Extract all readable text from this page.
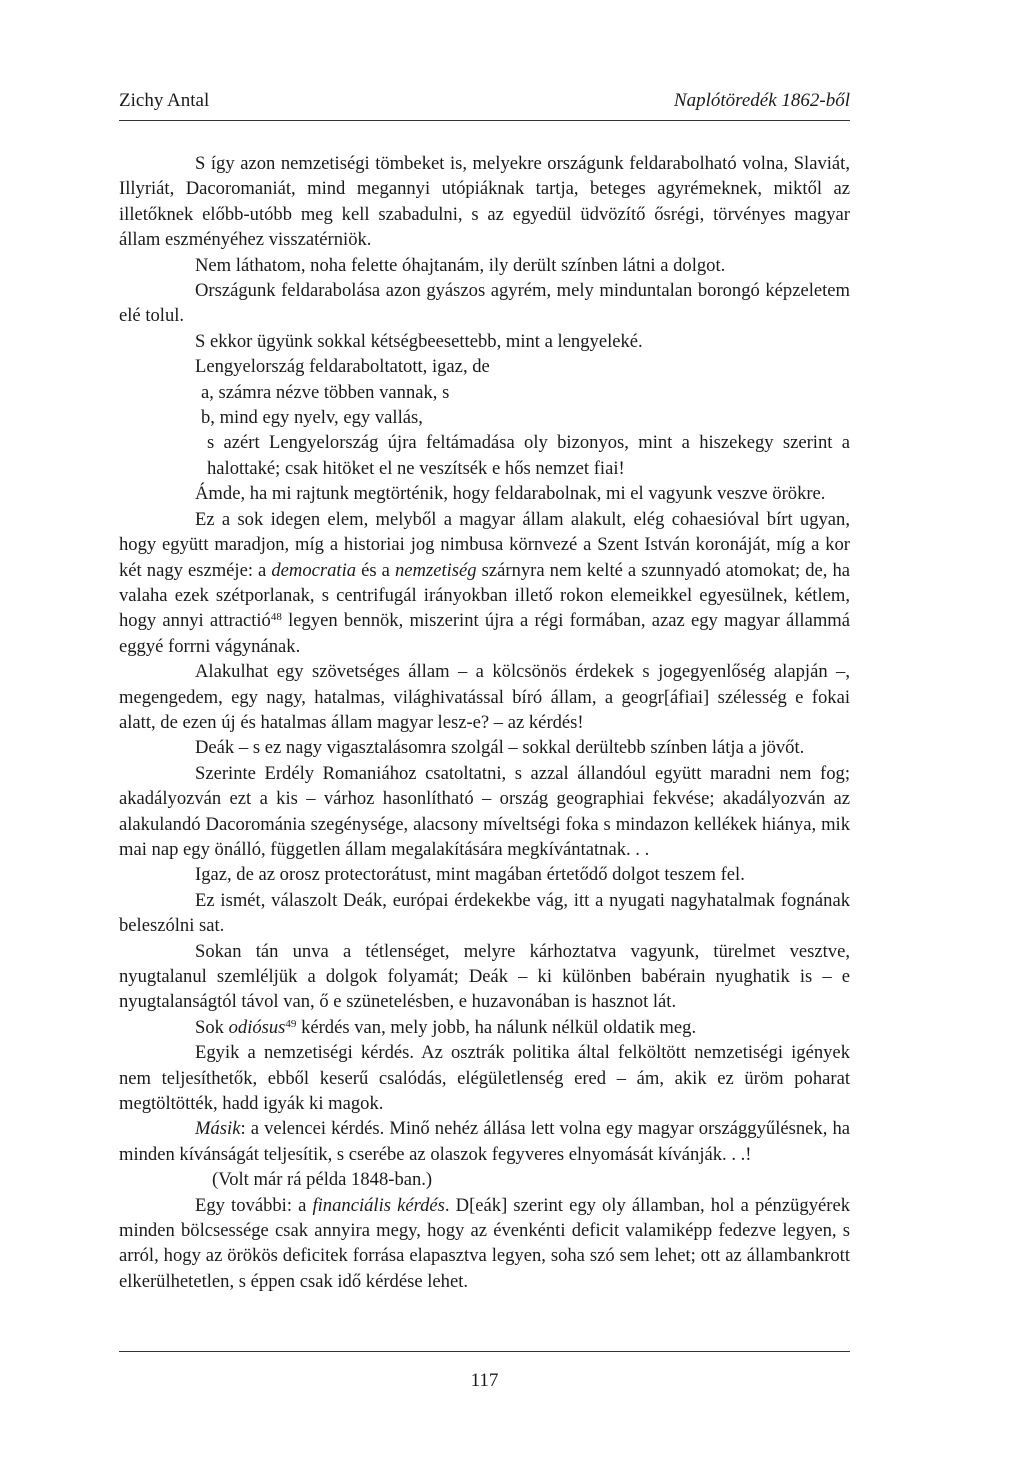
Zichy Antal	Naplótöredék 1862-ből

S így azon nemzetiségi tömbeket is, melyekre országunk feldarabolható volna, Slaviát, Illyriát, Dacoromaniát, mind megannyi utópiáknak tartja, beteges agyrémeknek, miktől az illetőknek előbb-utóbb meg kell szabadulni, s az egyedül üdvözítő ősrégi, törvényes magyar állam eszményéhez visszatérniök.

Nem láthatom, noha felette óhajtanám, ily derült színben látni a dolgot.

Országunk feldarabolása azon gyászos agyrém, mely minduntalan borongó képzeletem elé tolul.

S ekkor ügyünk sokkal kétségbeesettebb, mint a lengyeleké.

Lengyelország feldaraboltatott, igaz, de

a, számra nézve többen vannak, s

b, mind egy nyelv, egy vallás,

s azért Lengyelország újra feltámadása oly bizonyos, mint a hiszekegy szerint a halottaké; csak hitöket el ne veszítsék e hős nemzet fiai!

Ámde, ha mi rajtunk megtörténik, hogy feldarabolnak, mi el vagyunk veszve örökre.

Ez a sok idegen elem, melyből a magyar állam alakult, elég cohaesióval bírt ugyan, hogy együtt maradjon, míg a historiai jog nimbusa körnvezé a Szent István koronáját, míg a kor két nagy eszméje: a democratia és a nemzetiség szárnyra nem kelté a szunnyadó atomokat; de, ha valaha ezek szétporlanak, s centrifugál irányokban illető rokon elemeikkel egyesülnek, kétlem, hogy annyi attractió$^{48}$ legyen bennök, miszerint újra a régi formában, azaz egy magyar állammá eggyé forrni vágynának.

Alakulhat egy szövetséges állam – a kölcsönös érdekek s jogegyenlőség alapján –, megengedem, egy nagy, hatalmas, világhivatással bíró állam, a geogr[áfiai] szélesség e fokai alatt, de ezen új és hatalmas állam magyar lesz-e? – az kérdés!

Deák – s ez nagy vigasztalásomra szolgál – sokkal derültebb színben látja a jövőt.

Szerinte Erdély Romaniához csatoltatni, s azzal állandóul együtt maradni nem fog; akadályozván ezt a kis – várhoz hasonlítható – ország geographiai fekvése; akadályozván az alakulandó Dacorománia szegénysége, alacsony míveltségi foka s mindazon kellékek hiánya, mik mai nap egy önálló, független állam megalakítására megkívántatnak. . .

Igaz, de az orosz protectorátust, mint magában értetődő dolgot teszem fel.

Ez ismét, válaszolt Deák, európai érdekekbe vág, itt a nyugati nagyhatalmak fognának beleszólni sat.

Sokan tán unva a tétlenséget, melyre kárhoztatva vagyunk, türelmet vesztve, nyugtalanul szemléljük a dolgok folyamát; Deák – ki különben babérain nyughatik is – e nyugtalanságtól távol van, ő e szünetelésben, e huzavonában is hasznot lát.

Sok odiósus$^{49}$ kérdés van, mely jobb, ha nálunk nélkül oldatik meg.

Egyik a nemzetiségi kérdés. Az osztrák politika által felköltött nemzetiségi igények nem teljesíthetők, ebből keserű csalódás, elégületlenség ered – ám, akik ez üröm poharat megtöltötték, hadd igyák ki magok.

Másik: a velencei kérdés. Minő nehéz állása lett volna egy magyar országgyűlésnek, ha minden kívánságát teljesítik, s cserébe az olaszok fegyveres elnyomását kívánják. . .!

(Volt már rá példa 1848-ban.)

Egy további: a financiális kérdés. D[eák] szerint egy oly államban, hol a pénzügyérek minden bölcsessége csak annyira megy, hogy az évenkénti deficit valamiképp fedezve legyen, s arról, hogy az örökös deficitek forrása elapasztva legyen, soha szó sem lehet; ott az állambankrott elkerülhetetlen, s éppen csak idő kérdése lehet.

117
